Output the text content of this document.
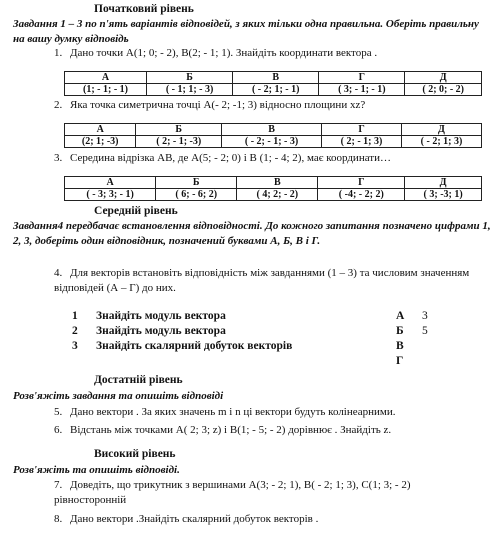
Початковий рівень
Завдання 1 – 3 по п'ять варіантів відповідей, з яких тільки одна правильна. Оберіть правильну на вашу думку відповідь
1. Дано точки А(1; 0; - 2), В(2; - 1; 1). Знайдіть координати вектора .
А	Б	В	Г	Д
(1; - 1; - 1)	( - 1; 1; - 3)	( - 2; 1; - 1)	( 3; - 1; - 1)	( 2; 0; - 2)
2. Яка точка симетрична точці А(- 2; -1; 3) відносно площини хz?
А	Б	В	Г	Д
(2; 1; -3)	( 2; - 1; -3)	( - 2; - 1; - 3)	( 2; - 1; 3)	( - 2; 1; 3)
3. Середина відрізка АВ, де А(5; - 2; 0) і В (1; - 4; 2), має координати…
А	Б	В	Г	Д
( - 3; 3; - 1)	( 6; - 6; 2)	( 4; 2; - 2)	( -4; - 2; 2)	( 3; -3; 1)
Середній рівень
Завдання4 передбачає встановлення відповідності. До кожного запитання позначено цифрами 1, 2, 3, доберіть один відповідник, позначений буквами А, Б, В і Г.
4. Для векторів встановіть відповідність між завданнями (1 – 3) та числовим значенням відповідей (А – Г) до них.
1	Знайдіть модуль вектора	А	3
2	Знайдіть модуль вектора	Б	5
3	Знайдіть скалярний добуток векторів	В	
		Г	
Достатній рівень
Розв'яжіть завдання та опишіть відповіді
5. Дано вектори . За яких значень m і n ці вектори будуть колінеарними.
6. Відстань між точками А( 2; 3; z) і В(1; - 5; - 2) дорівнює . Знайдіть z.
Високий рівень
Розв'яжіть та опишіть відповіді.
7. Доведіть, що трикутник з вершинами А(3; - 2; 1), В( - 2; 1; 3), С(1; 3; - 2) рівносторонній
8. Дано вектори .Знайдіть скалярний добуток векторів .
